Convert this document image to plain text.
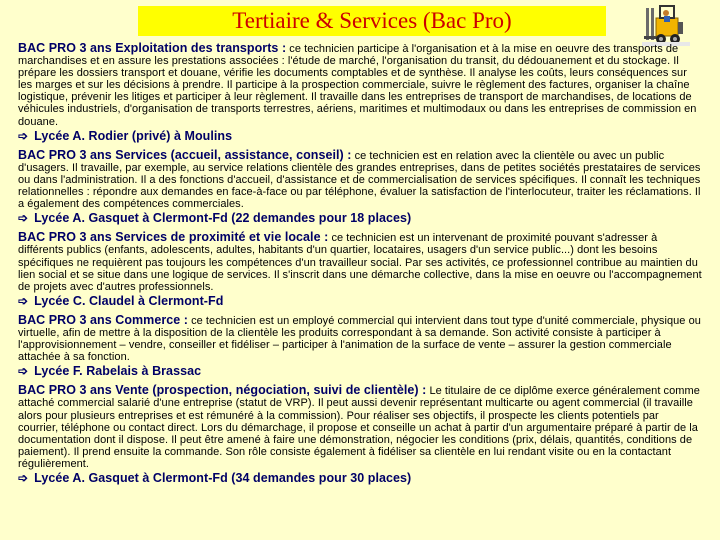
Tertiaire & Services (Bac Pro)

BAC PRO 3 ans Exploitation des transports : ce technicien participe à l'organisation et à la mise en oeuvre des transports de marchandises et en assure les prestations associées : l'étude de marché, l'organisation du transit, du dédouanement et du stockage. Il prépare les dossiers transport et douane, vérifie les documents comptables et de synthèse. Il analyse les coûts, leurs conséquences sur les marges et sur les décisions à prendre. Il participe à la prospection commerciale, suivre le règlement des factures, organiser la chaîne logistique, prévenir les litiges et participer à leur règlement. Il travaille dans les entreprises de transport de marchandises, de locations de véhicules industriels, d'organisation de transports terrestres, aériens, maritimes et multimodaux ou dans les entreprises de commission en douane.

➩ Lycée A. Rodier (privé) à Moulins

BAC PRO 3 ans Services (accueil, assistance, conseil) : ce technicien est en relation avec la clientèle ou avec un public d'usagers. Il travaille, par exemple, au service relations clientèle des grandes entreprises, dans de petites sociétés prestataires de services ou dans l'administration. Il a des fonctions d'accueil, d'assistance et de commercialisation de services spécifiques. Il connaît les techniques relationnelles : répondre aux demandes en face-à-face ou par téléphone, évaluer la satisfaction de l'interlocuteur, traiter les réclamations. Il a également des compétences commerciales.

➩ Lycée A. Gasquet à Clermont-Fd (22 demandes pour 18 places)

BAC PRO 3 ans Services de proximité et vie locale : ce technicien est un intervenant de proximité pouvant s'adresser à différents publics (enfants, adolescents, adultes, habitants d'un quartier, locataires, usagers d'un service public...) dont les besoins spécifiques ne requièrent pas toujours les compétences d'un travailleur social. Par ses activités, ce professionnel contribue au maintien du lien social et se situe dans une logique de services. Il s'inscrit dans une démarche collective, dans la mise en oeuvre ou l'accompagnement de projets avec d'autres professionnels.

➩ Lycée C. Claudel à Clermont-Fd

BAC PRO 3 ans Commerce : ce technicien est un employé commercial qui intervient dans tout type d'unité commerciale, physique ou virtuelle, afin de mettre à la disposition de la clientèle les produits correspondant à sa demande. Son activité consiste à participer à l'approvisionnement – vendre, conseiller et fidéliser – participer à l'animation de la surface de vente – assurer la gestion commerciale attachée à sa fonction.

➩ Lycée F. Rabelais à Brassac

BAC PRO 3 ans Vente (prospection, négociation, suivi de clientèle) : Le titulaire de ce diplôme exerce généralement comme attaché commercial salarié d'une entreprise (statut de VRP). Il peut aussi devenir représentant multicarte ou agent commercial (il travaille alors pour plusieurs entreprises et est rémunéré à la commission). Pour réaliser ses objectifs, il prospecte les clients potentiels par courrier, téléphone ou contact direct. Lors du démarchage, il propose et conseille un achat à partir d'un argumentaire préparé à partir de la documentation dont il dispose. Il peut être amené à faire une démonstration, négocier les conditions (prix, délais, quantités, conditions de paiement). Il prend ensuite la commande. Son rôle consiste également à fidéliser sa clientèle en lui rendant visite ou en la contactant régulièrement.

➩ Lycée A. Gasquet à Clermont-Fd (34 demandes pour 30 places)
